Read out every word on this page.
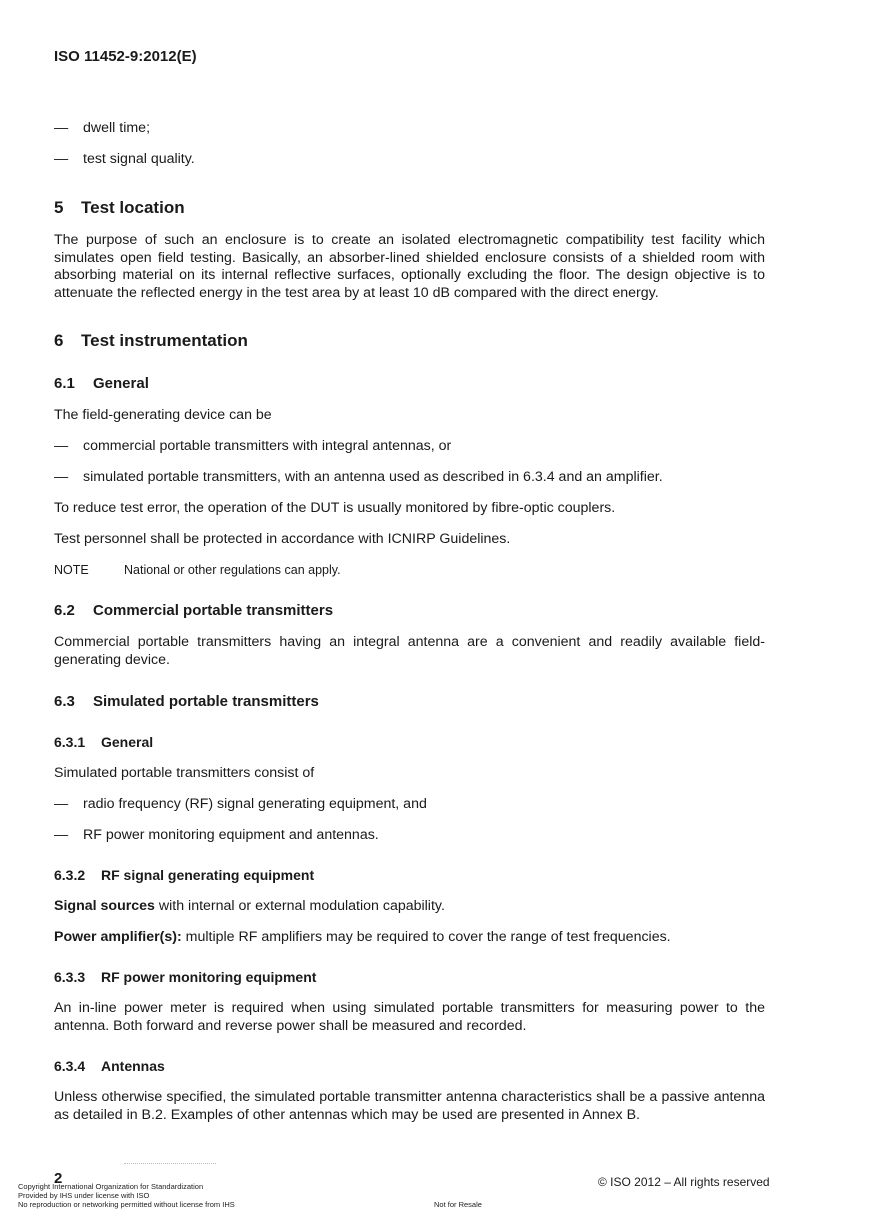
ISO 11452-9:2012(E)
— dwell time;
— test signal quality.
5 Test location
The purpose of such an enclosure is to create an isolated electromagnetic compatibility test facility which simulates open field testing. Basically, an absorber-lined shielded enclosure consists of a shielded room with absorbing material on its internal reflective surfaces, optionally excluding the floor. The design objective is to attenuate the reflected energy in the test area by at least 10 dB compared with the direct energy.
6 Test instrumentation
6.1 General
The field-generating device can be
— commercial portable transmitters with integral antennas, or
— simulated portable transmitters, with an antenna used as described in 6.3.4 and an amplifier.
To reduce test error, the operation of the DUT is usually monitored by fibre-optic couplers.
Test personnel shall be protected in accordance with ICNIRP Guidelines.
NOTE	National or other regulations can apply.
6.2 Commercial portable transmitters
Commercial portable transmitters having an integral antenna are a convenient and readily available field-generating device.
6.3 Simulated portable transmitters
6.3.1 General
Simulated portable transmitters consist of
— radio frequency (RF) signal generating equipment, and
— RF power monitoring equipment and antennas.
6.3.2 RF signal generating equipment
Signal sources with internal or external modulation capability.
Power amplifier(s): multiple RF amplifiers may be required to cover the range of test frequencies.
6.3.3 RF power monitoring equipment
An in-line power meter is required when using simulated portable transmitters for measuring power to the antenna. Both forward and reverse power shall be measured and recorded.
6.3.4 Antennas
Unless otherwise specified, the simulated portable transmitter antenna characteristics shall be a passive antenna as detailed in B.2. Examples of other antennas which may be used are presented in Annex B.
2	© ISO 2012 – All rights reserved
Copyright International Organization for Standardization
Provided by IHS under license with ISO
No reproduction or networking permitted without license from IHS	Not for Resale
